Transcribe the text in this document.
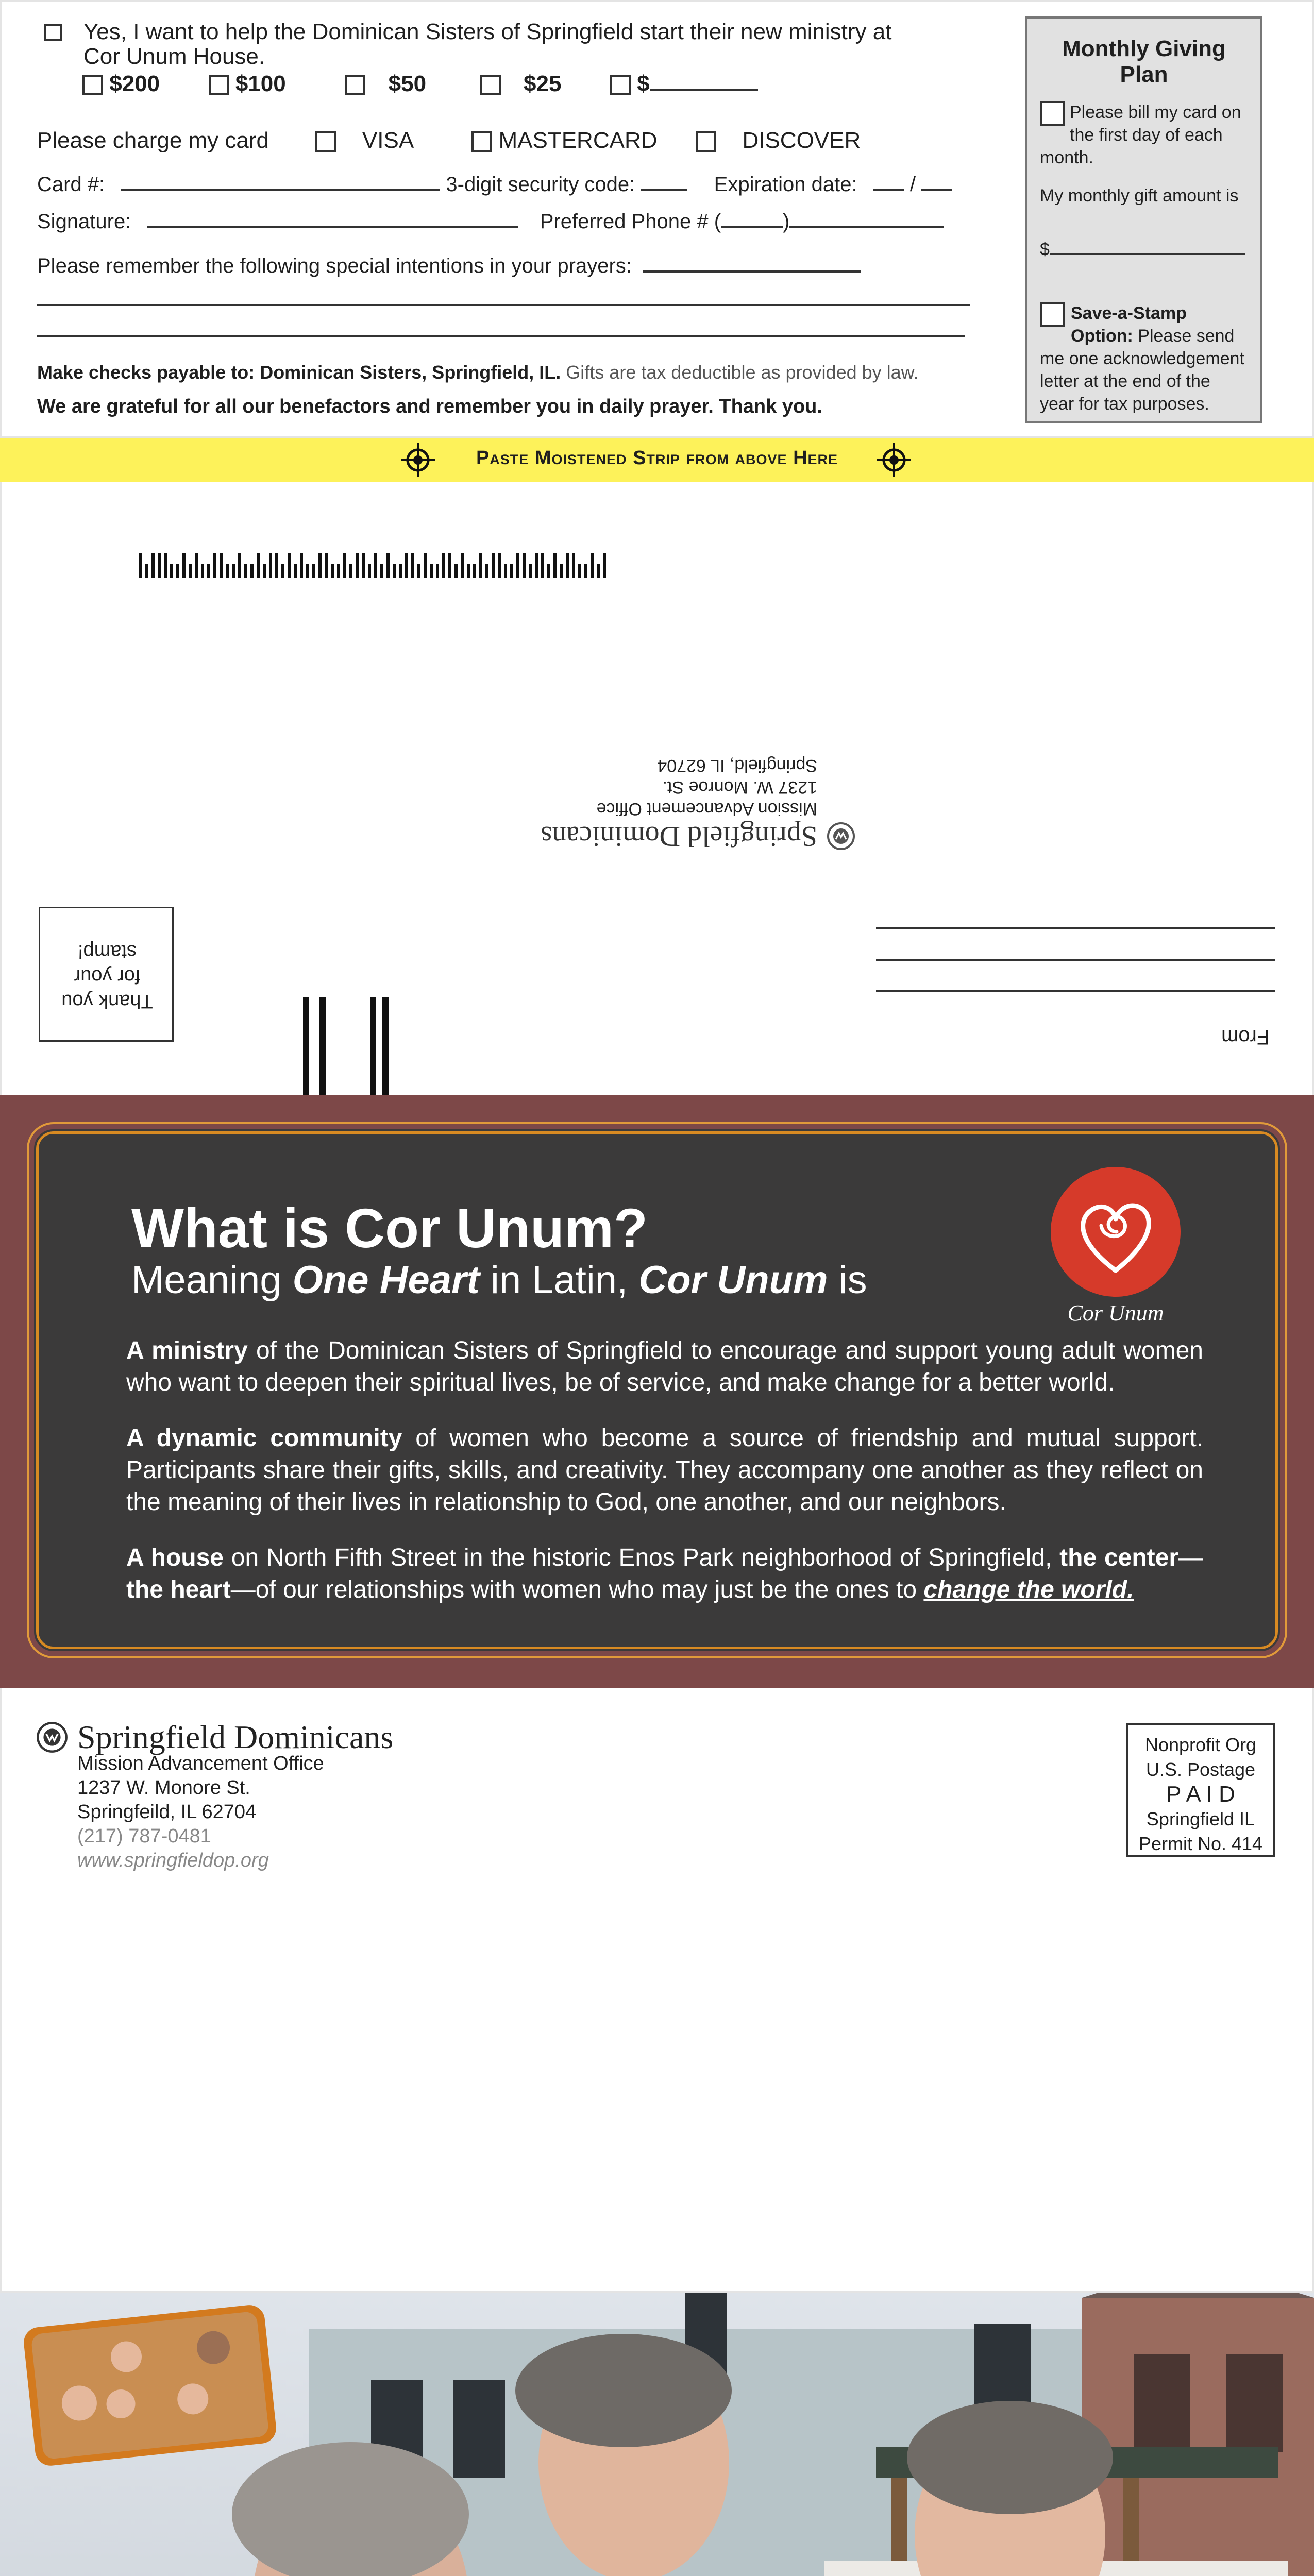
Yes, I want to help the Dominican Sisters of Springfield start their new ministry at
Cor Unum House.
$200	$100	$50	$25	$
Please charge my card	VISA	MASTERCARD	DISCOVER
Card #:	3-digit security code:	Expiration date:	/
Signature:	Preferred Phone # (	)
Please remember the following special intentions in your prayers:
Make checks payable to: Dominican Sisters, Springfield, IL. Gifts are tax deductible as provided by law.
We are grateful for all our benefactors and remember you in daily prayer. Thank you.
Monthly Giving Plan

Please bill my card on the first day of each month.

My monthly gift amount is

$

Save-a-Stamp Option: Please send me one acknowledgement letter at the end of the year for tax purposes.

Paste Moistened Strip from above Here
Springfield Dominicans
Mission Advancement Office
1237 W. Monroe St.
Springfield, IL 62704
Thank you for your stamp!
From
What is Cor Unum?
Meaning One Heart in Latin, Cor Unum is
Cor Unum
A ministry of the Dominican Sisters of Springfield to encourage and support young adult women who want to deepen their spiritual lives, be of service, and make change for a better world.
A dynamic community of women who become a source of friendship and mutual support. Participants share their gifts, skills, and creativity. They accompany one another as they reflect on the meaning of their lives in relationship to God, one another, and our neighbors.
A house on North Fifth Street in the historic Enos Park neighborhood of Springfield, the center—the heart—of our relationships with women who may just be the ones to change the world.
Springfield Dominicans
Mission Advancement Office
1237 W. Monore St.
Springfeild, IL 62704
(217) 787-0481
www.springfieldop.org
Nonprofit Org
U.S. Postage
P A I D
Springfield IL
Permit No. 414
